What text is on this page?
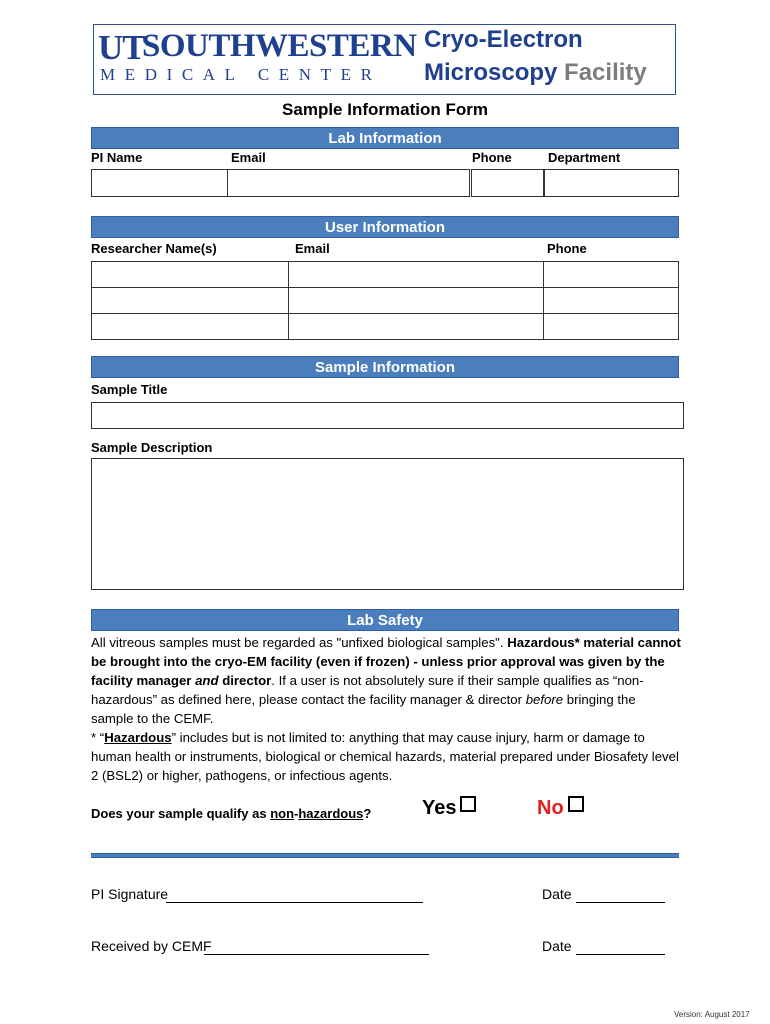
UT
SOUTHWESTERN
MEDICAL CENTER
Cryo-Electron
Microscopy Facility
Sample Information Form
Lab Information
PI Name	Email	Phone	Department
User Information
Researcher Name(s)	Email	Phone
Sample Information
Sample Title
Sample Description
Lab Safety
All vitreous samples must be regarded as "unfixed biological samples". Hazardous* material cannot be brought into the cryo-EM facility (even if frozen) - unless prior approval was given by the facility manager and director. If a user is not absolutely sure if their sample qualifies as “non-hazardous” as defined here, please contact the facility manager & director before bringing the sample to the CEMF.
* “Hazardous” includes but is not limited to: anything that may cause injury, harm or damage to human health or instruments, biological or chemical hazards, material prepared under Biosafety level 2 (BSL2) or higher, pathogens, or infectious agents.
Does your sample qualify as non-hazardous?	Yes	No
PI Signature	Date
Received by CEMF	Date
Version: August 2017
